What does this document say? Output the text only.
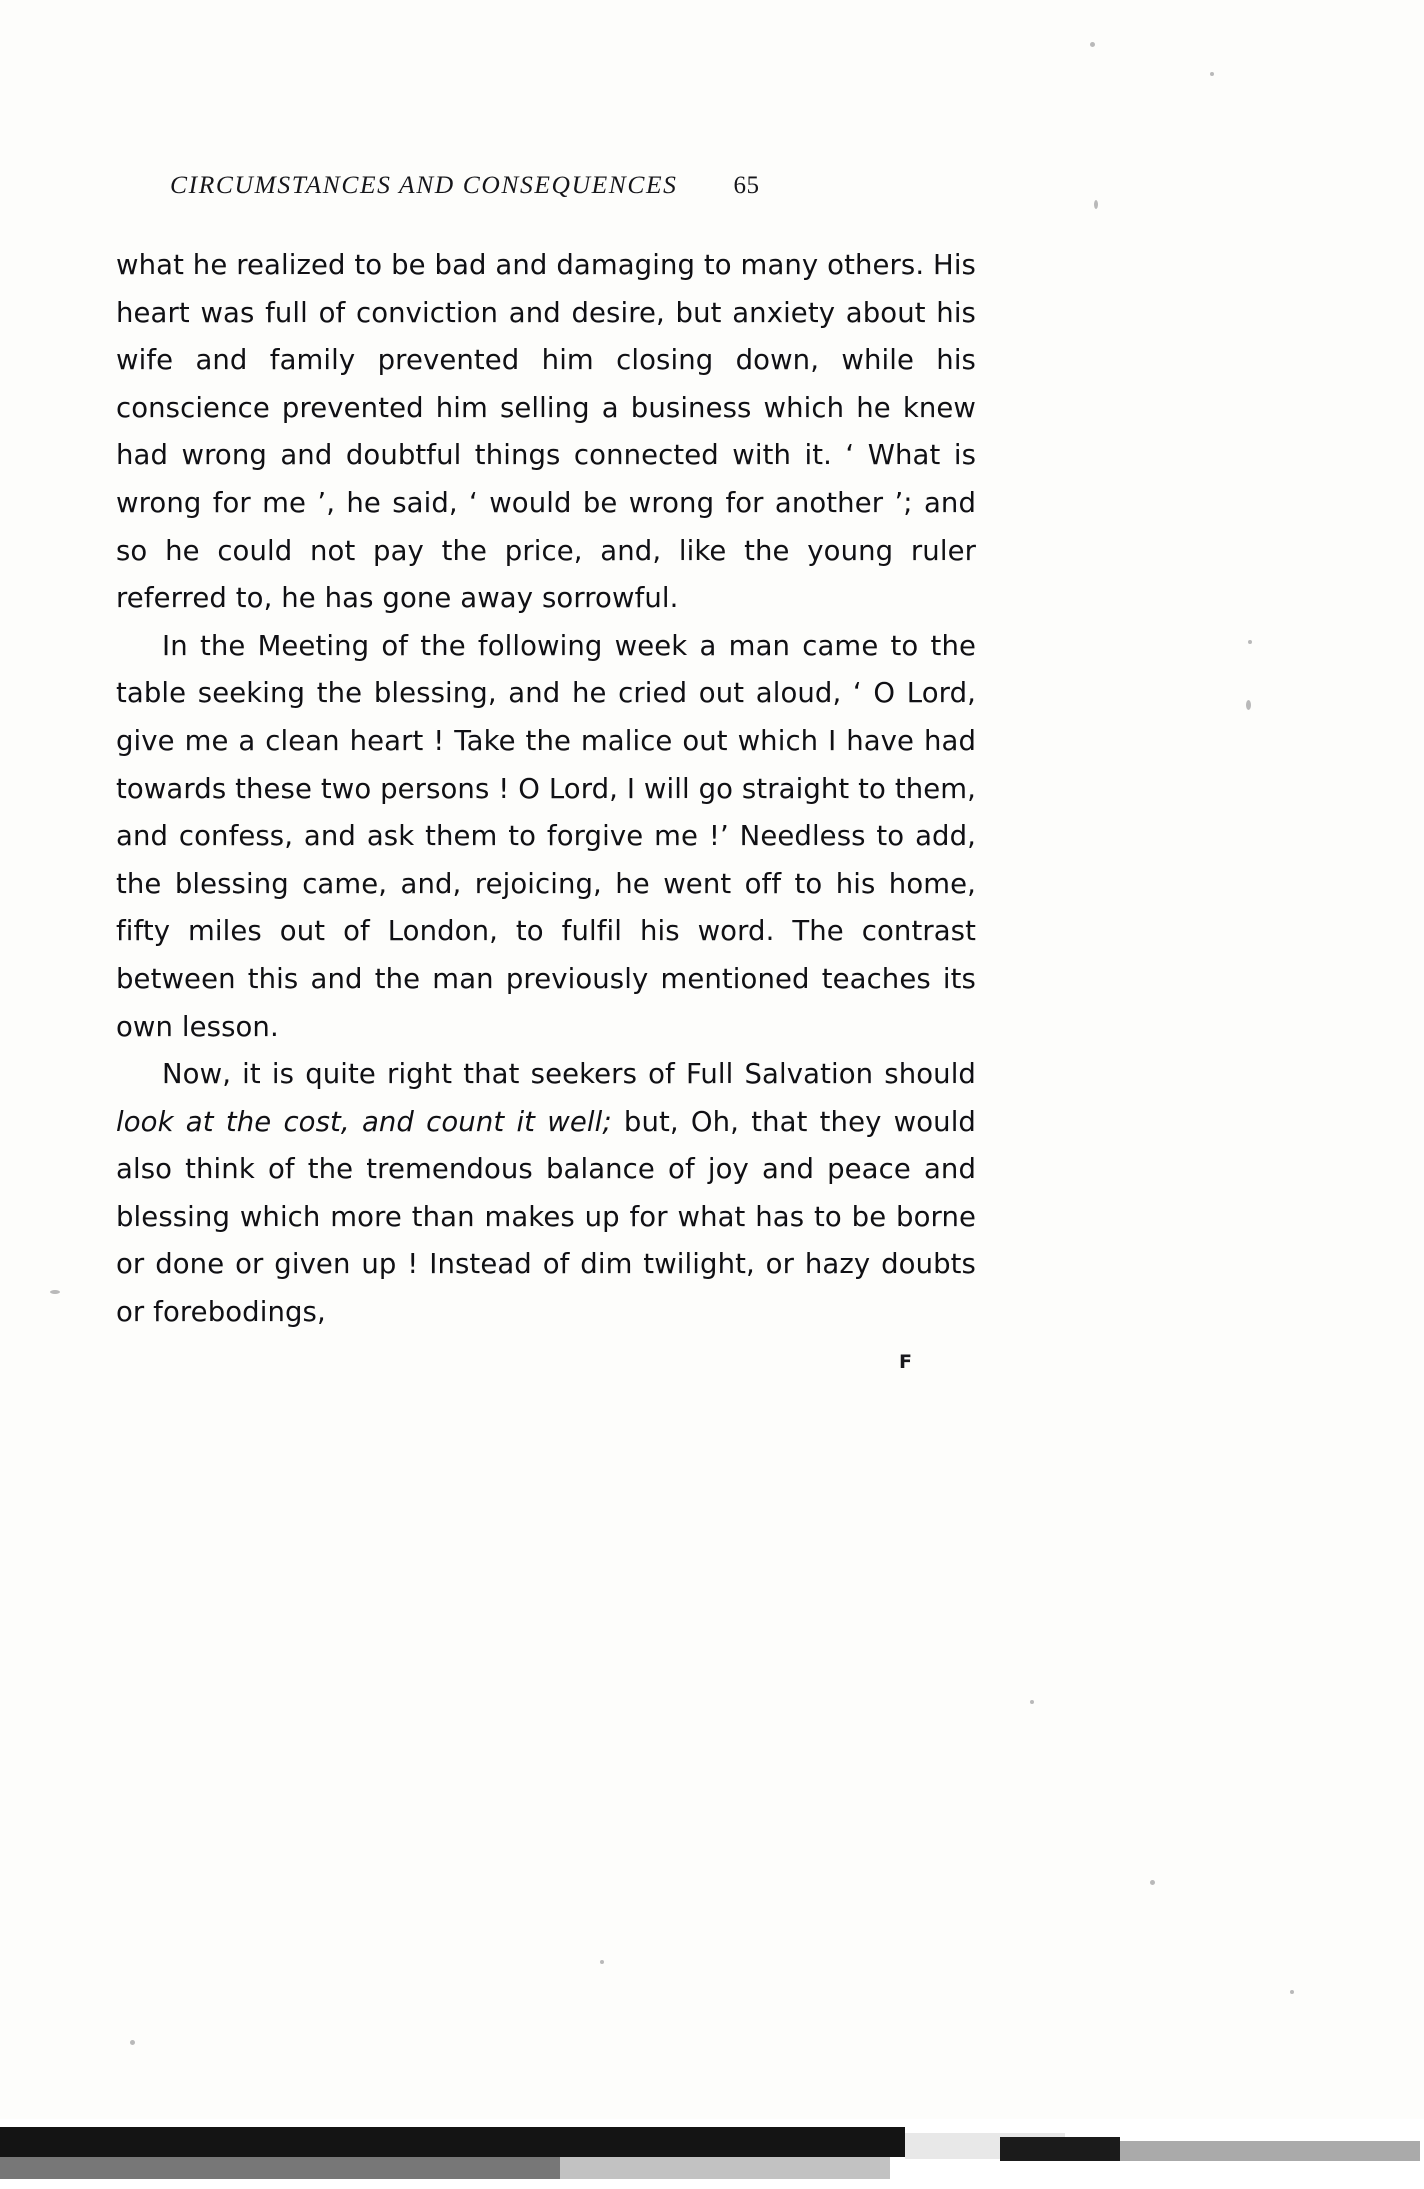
CIRCUMSTANCES AND CONSEQUENCES 65

what he realized to be bad and damaging to many others. His heart was full of conviction and desire, but anxiety about his wife and family prevented him closing down, while his conscience prevented him selling a business which he knew had wrong and doubtful things connected with it. ‘ What is wrong for me ’, he said, ‘ would be wrong for another ’; and so he could not pay the price, and, like the young ruler referred to, he has gone away sorrowful.

In the Meeting of the following week a man came to the table seeking the blessing, and he cried out aloud, ‘ O Lord, give me a clean heart ! Take the malice out which I have had towards these two persons ! O Lord, I will go straight to them, and confess, and ask them to forgive me !’ Needless to add, the blessing came, and, rejoicing, he went off to his home, fifty miles out of London, to fulfil his word. The contrast between this and the man previously mentioned teaches its own lesson.

Now, it is quite right that seekers of Full Salvation should look at the cost, and count it well; but, Oh, that they would also think of the tremendous balance of joy and peace and blessing which more than makes up for what has to be borne or done or given up ! Instead of dim twilight, or hazy doubts or forebodings,

F
